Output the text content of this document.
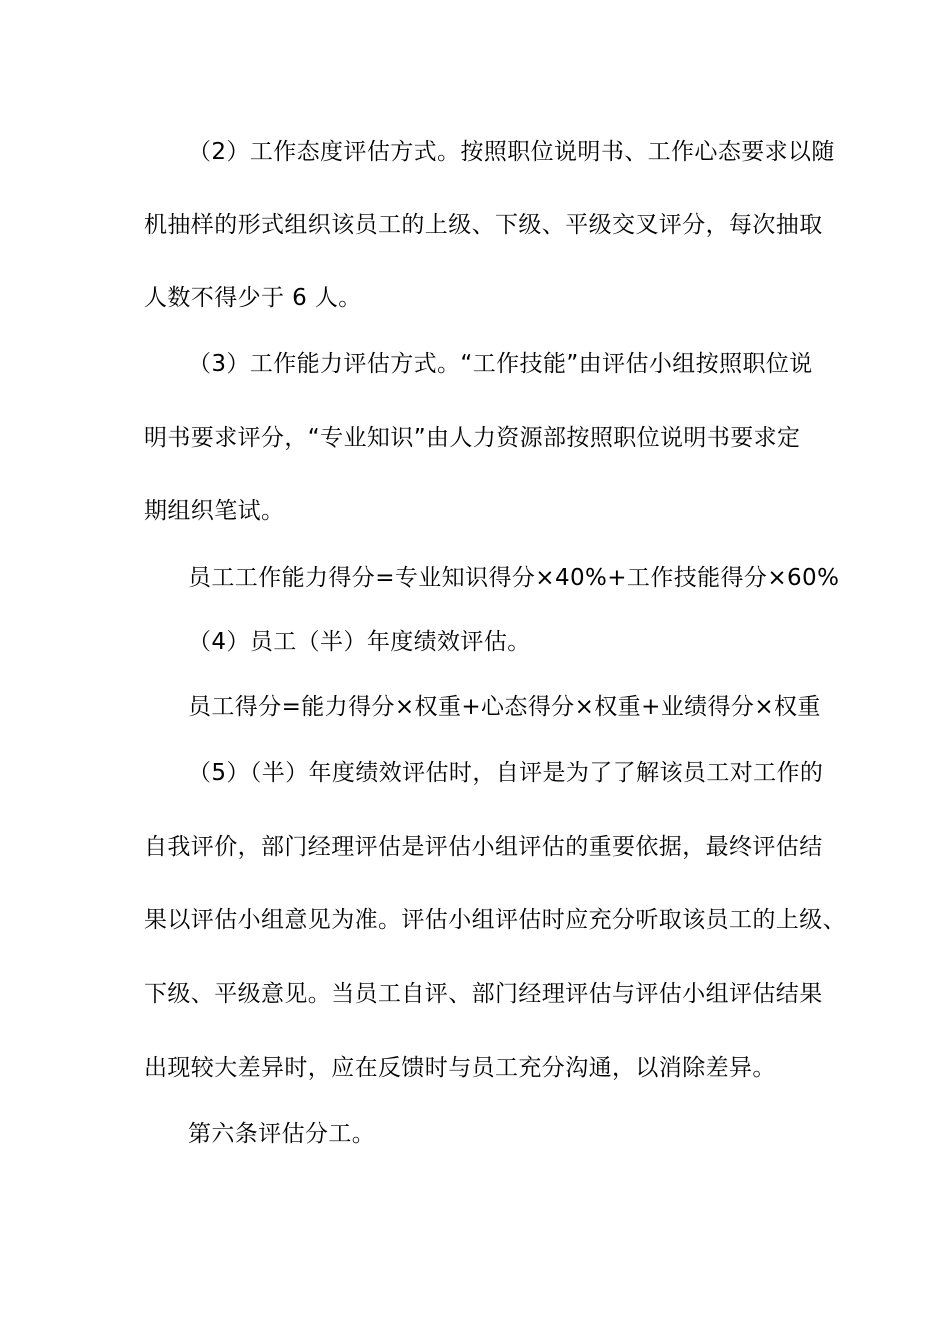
（2）工作态度评估方式。按照职位说明书、工作心态要求以随
机抽样的形式组织该员工的上级、下级、平级交叉评分，每次抽取
人数不得少于 6 人。
（3）工作能力评估方式。“工作技能”由评估小组按照职位说
明书要求评分，“专业知识”由人力资源部按照职位说明书要求定
期组织笔试。
员工工作能力得分=专业知识得分×40%+工作技能得分×60%
（4）员工（半）年度绩效评估。
员工得分=能力得分×权重+心态得分×权重+业绩得分×权重
（5）（半）年度绩效评估时，自评是为了了解该员工对工作的
自我评价，部门经理评估是评估小组评估的重要依据，最终评估结
果以评估小组意见为准。评估小组评估时应充分听取该员工的上级、
下级、平级意见。当员工自评、部门经理评估与评估小组评估结果
出现较大差异时，应在反馈时与员工充分沟通，以消除差异。
第六条评估分工。
